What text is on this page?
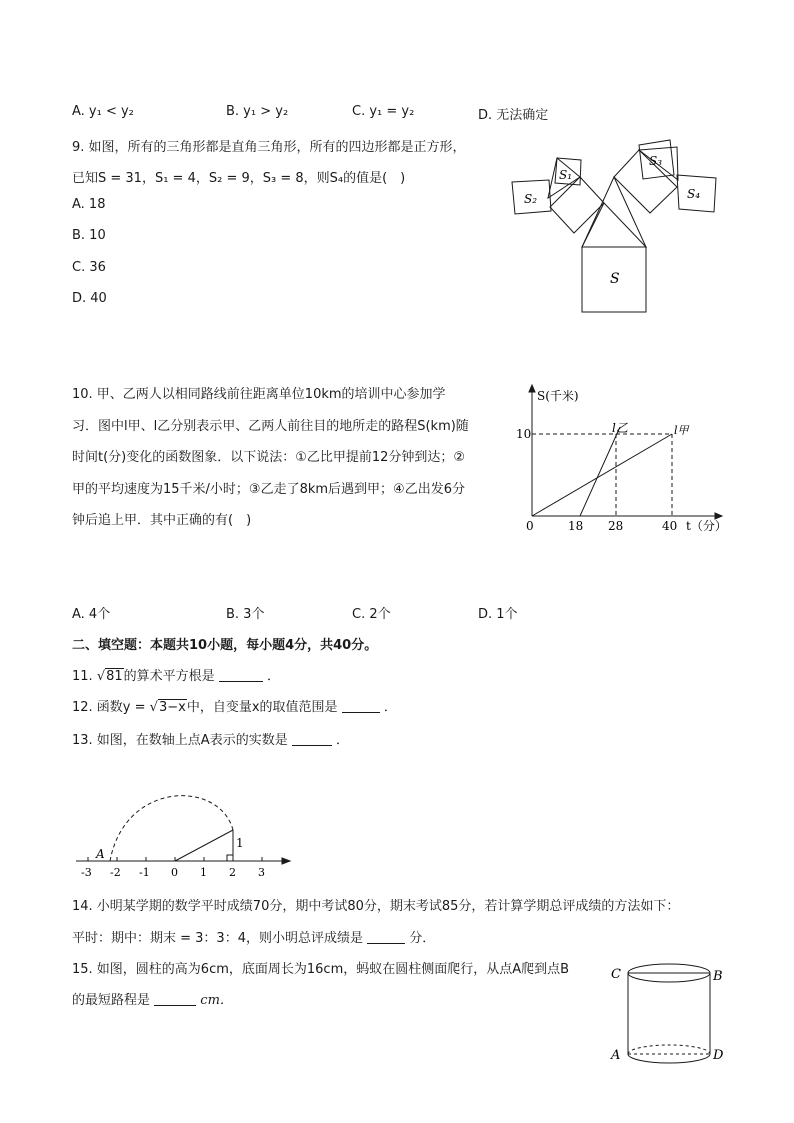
A. y₁ < y₂	B. y₁ > y₂	C. y₁ = y₂	D. 无法确定
9. 如图，所有的三角形都是直角三角形，所有的四边形都是正方形，
已知S = 31，S₁ = 4，S₂ = 9，S₃ = 8，则S₄的值是(　)
A. 18
B. 10
C. 36
D. 40
S
S₁
S₂
S₃
S₄
10. 甲、乙两人以相同路线前往距离单位10km的培训中心参加学
习．图中l甲、l乙分别表示甲、乙两人前往目的地所走的路程S(km)随
时间t(分)变化的函数图象．以下说法：①乙比甲提前12分钟到达；②
甲的平均速度为15千米/小时；③乙走了8km后遇到甲；④乙出发6分
钟后追上甲．其中正确的有(　)
S(千米)
10
0	18 28	40 t（分）
l乙	l甲
A. 4个	B. 3个	C. 2个	D. 1个
二、填空题：本题共10小题，每小题4分，共40分。
11. √81的算术平方根是	．
12. 函数y = √3−x中，自变量x的取值范围是	．
13. 如图，在数轴上点A表示的实数是	．
A
1
-3 -2 -1 0 1 2 3
14. 小明某学期的数学平时成绩70分，期中考试80分，期末考试85分，若计算学期总评成绩的方法如下：
平时：期中：期末 = 3：3：4，则小明总评成绩是	分．
15. 如图，圆柱的高为6cm，底面周长为16cm，蚂蚁在圆柱侧面爬行，从点A爬到点B
的最短路程是	cm．
C	B
A	D
